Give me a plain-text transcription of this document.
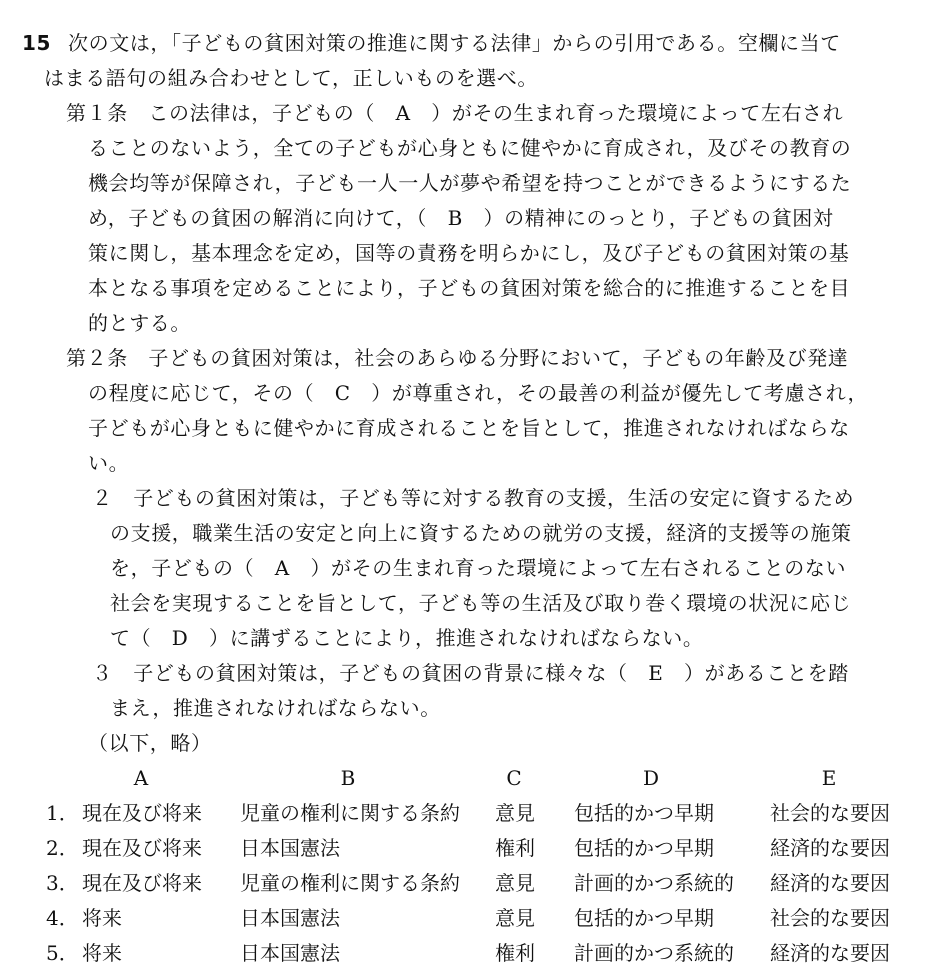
15 次の文は，「子どもの貧困対策の推進に関する法律」からの引用である。空欄に当て
はまる語句の組み合わせとして，正しいものを選べ。
第１条　この法律は，子どもの（　A　）がその生まれ育った環境によって左右され
ることのないよう，全ての子どもが心身ともに健やかに育成され，及びその教育の
機会均等が保障され，子ども一人一人が夢や希望を持つことができるようにするた
め，子どもの貧困の解消に向けて，（　B　）の精神にのっとり，子どもの貧困対
策に関し，基本理念を定め，国等の責務を明らかにし，及び子どもの貧困対策の基
本となる事項を定めることにより，子どもの貧困対策を総合的に推進することを目
的とする。
第２条　子どもの貧困対策は，社会のあらゆる分野において，子どもの年齢及び発達
の程度に応じて，その（　C　）が尊重され，その最善の利益が優先して考慮され，
子どもが心身ともに健やかに育成されることを旨として，推進されなければならな
い。
２　子どもの貧困対策は，子ども等に対する教育の支援，生活の安定に資するため
の支援，職業生活の安定と向上に資するための就労の支援，経済的支援等の施策
を，子どもの（　A　）がその生まれ育った環境によって左右されることのない
社会を実現することを旨として，子ども等の生活及び取り巻く環境の状況に応じ
て（　D　）に講ずることにより，推進されなければならない。
３　子どもの貧困対策は，子どもの貧困の背景に様々な（　E　）があることを踏
まえ，推進されなければならない。
（以下，略）
A	B	C	D	E
1． 現在及び将来 児童の権利に関する条約 意見 包括的かつ早期	社会的な要因
2． 現在及び将来 日本国憲法	権利 包括的かつ早期	経済的な要因
3． 現在及び将来 児童の権利に関する条約 意見 計画的かつ系統的 経済的な要因
4． 将来	日本国憲法	意見 包括的かつ早期	社会的な要因
5． 将来	日本国憲法	権利 計画的かつ系統的 経済的な要因
